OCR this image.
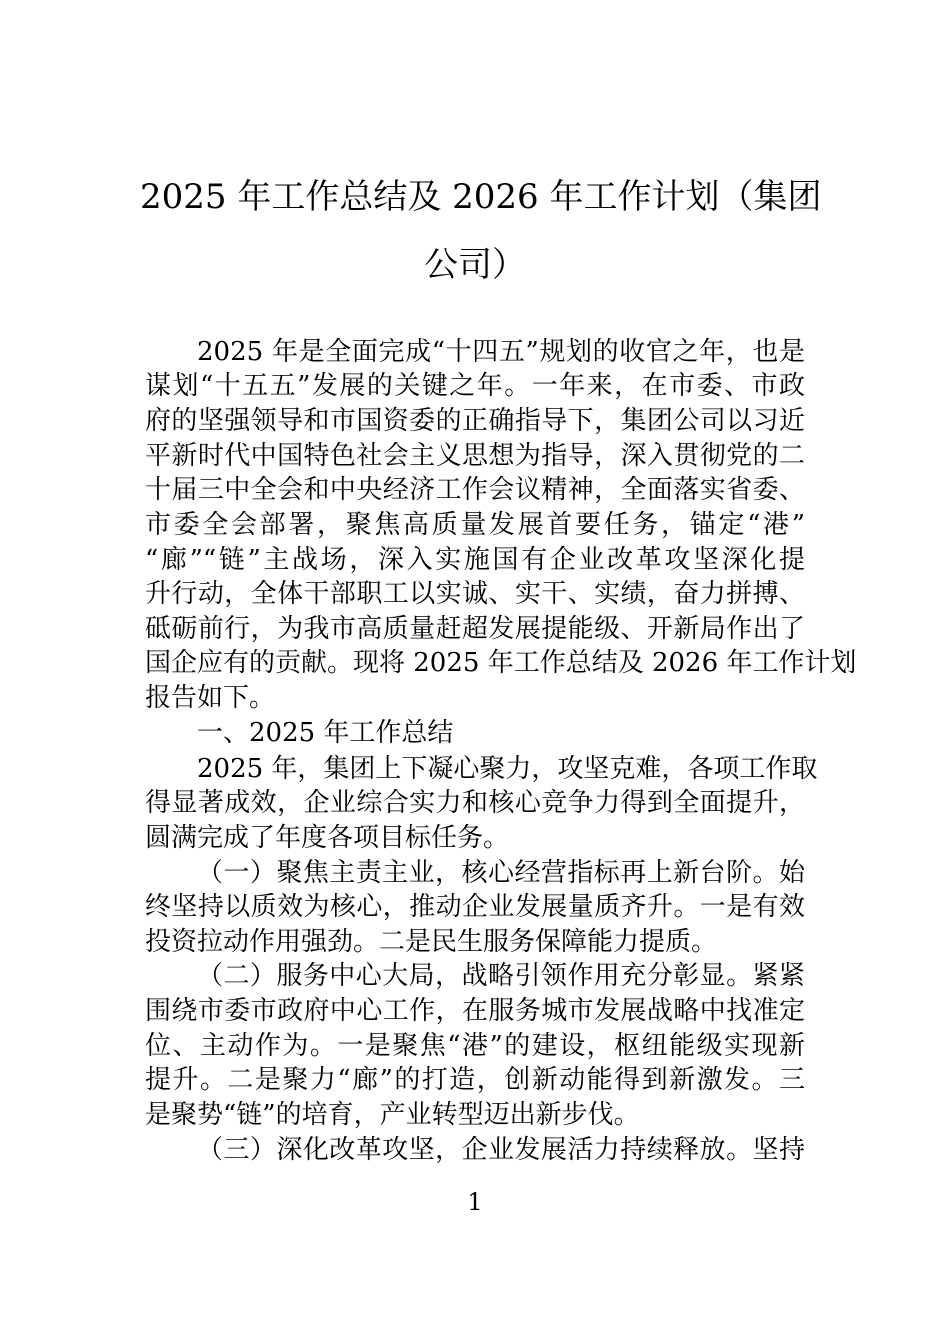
2025 年工作总结及 2026 年工作计划（集团
公司）
2025 年是全面完成“十四五”规划的收官之年，也是
谋划“十五五”发展的关键之年。一年来，在市委、市政
府的坚强领导和市国资委的正确指导下，集团公司以习近
平新时代中国特色社会主义思想为指导，深入贯彻党的二
十届三中全会和中央经济工作会议精神，全面落实省委、
市委全会部署，聚焦高质量发展首要任务，锚定“港”
“廊”“链”主战场，深入实施国有企业改革攻坚深化提
升行动，全体干部职工以实诚、实干、实绩，奋力拼搏、
砥砺前行，为我市高质量赶超发展提能级、开新局作出了
国企应有的贡献。现将 2025 年工作总结及 2026 年工作计划
报告如下。
一、2025 年工作总结
2025 年，集团上下凝心聚力，攻坚克难，各项工作取
得显著成效，企业综合实力和核心竞争力得到全面提升，
圆满完成了年度各项目标任务。
（一）聚焦主责主业，核心经营指标再上新台阶。始
终坚持以质效为核心，推动企业发展量质齐升。一是有效
投资拉动作用强劲。二是民生服务保障能力提质。
（二）服务中心大局，战略引领作用充分彰显。紧紧
围绕市委市政府中心工作，在服务城市发展战略中找准定
位、主动作为。一是聚焦“港”的建设，枢纽能级实现新
提升。二是聚力“廊”的打造，创新动能得到新激发。三
是聚势“链”的培育，产业转型迈出新步伐。
（三）深化改革攻坚，企业发展活力持续释放。坚持
1
